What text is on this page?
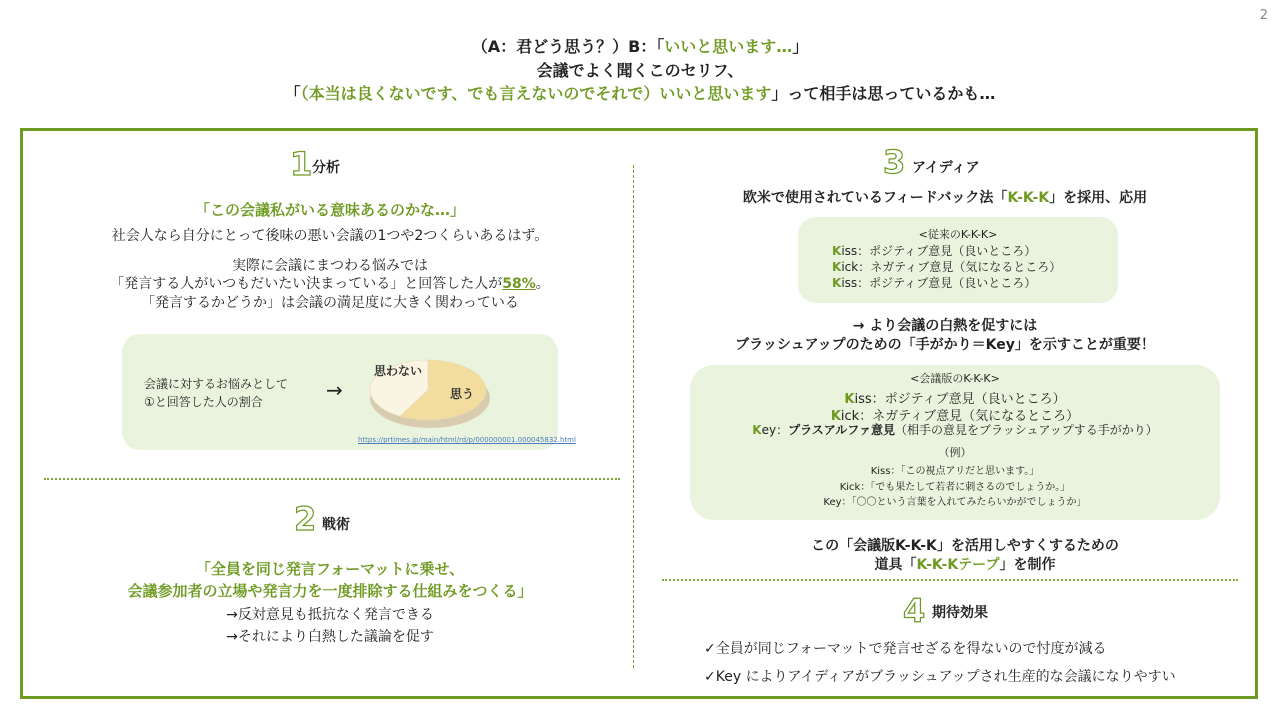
2
（A：君どう思う？）B：「いいと思います…」
会議でよく聞くこのセリフ、
「（本当は良くないです、でも言えないのでそれで）いいと思います」って相手は思っているかも…
1 分析
「この会議私がいる意味あるのかな…」
社会人なら自分にとって後味の悪い会議の1つや2つくらいあるはず。
実際に会議にまつわる悩みでは
「発言する人がいつもだいたい決まっている」と回答した人が58%。
「発言するかどうか」は会議の満足度に大きく関わっている
会議に対するお悩みとして
①と回答した人の割合	→	思う
思わない
https://prtimes.jp/main/html/rd/p/000000001.000045832.html
2 戦術
「全員を同じ発言フォーマットに乗せ、
会議参加者の立場や発言力を一度排除する仕組みをつくる」
→反対意見も抵抗なく発言できる
→それにより白熱した議論を促す
3 アイディア
欧米で使用されているフィードバック法「K-K-K」を採用、応用
<従来のK-K-K>
Kiss：ポジティブ意見（良いところ）
Kick：ネガティブ意見（気になるところ）
Kiss：ポジティブ意見（良いところ）
→ より会議の白熱を促すには
ブラッシュアップのための「手がかり＝Key」を示すことが重要！
<会議版のK-K-K>
Kiss：ポジティブ意見（良いところ）
Kick：ネガティブ意見（気になるところ）
Key：プラスアルファ意見（相手の意見をブラッシュアップする手がかり）
（例）
Kiss：「この視点アリだと思います。」
Kick：「でも果たして若者に刺さるのでしょうか。」
Key：「〇〇という言葉を入れてみたらいかがでしょうか」
この「会議版K-K-K」を活用しやすくするための
道具「K-K-Kテープ」を制作
4 期待効果
✓全員が同じフォーマットで発言せざるを得ないので忖度が減る
✓Key によりアイディアがブラッシュアップされ生産的な会議になりやすい
